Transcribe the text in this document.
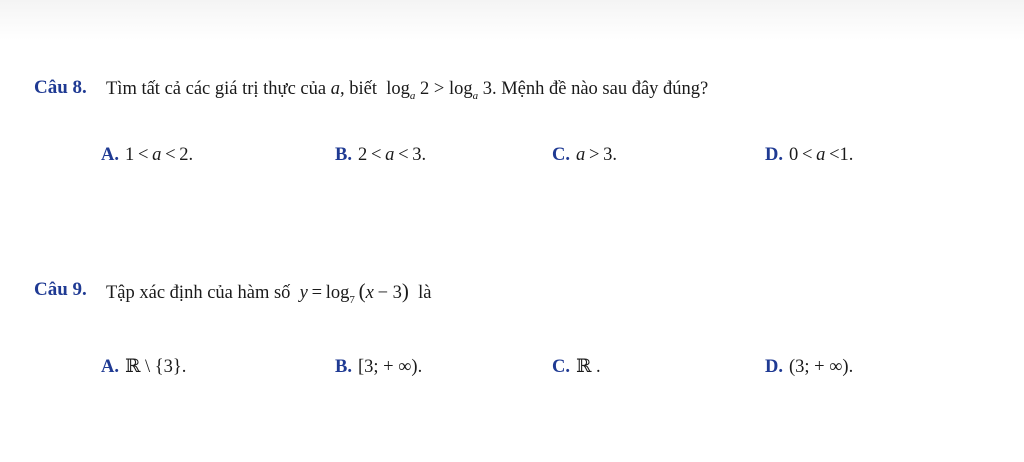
Câu 8. Tìm tất cả các giá trị thực của a, biết $\log_a 2 > \log_a 3$. Mệnh đề nào sau đây đúng?
A. 1  <  a  <  2.	B. 2  <  a  <  3.	C. a  >  3.	D. 0  <  a  <1.
Câu 9. Tập xác định của hàm số $y = \log_7 (x - 3)$ là
A. ℝ \ {3}.	B. [3; + ∞).	C. ℝ .	D. (3; + ∞).
